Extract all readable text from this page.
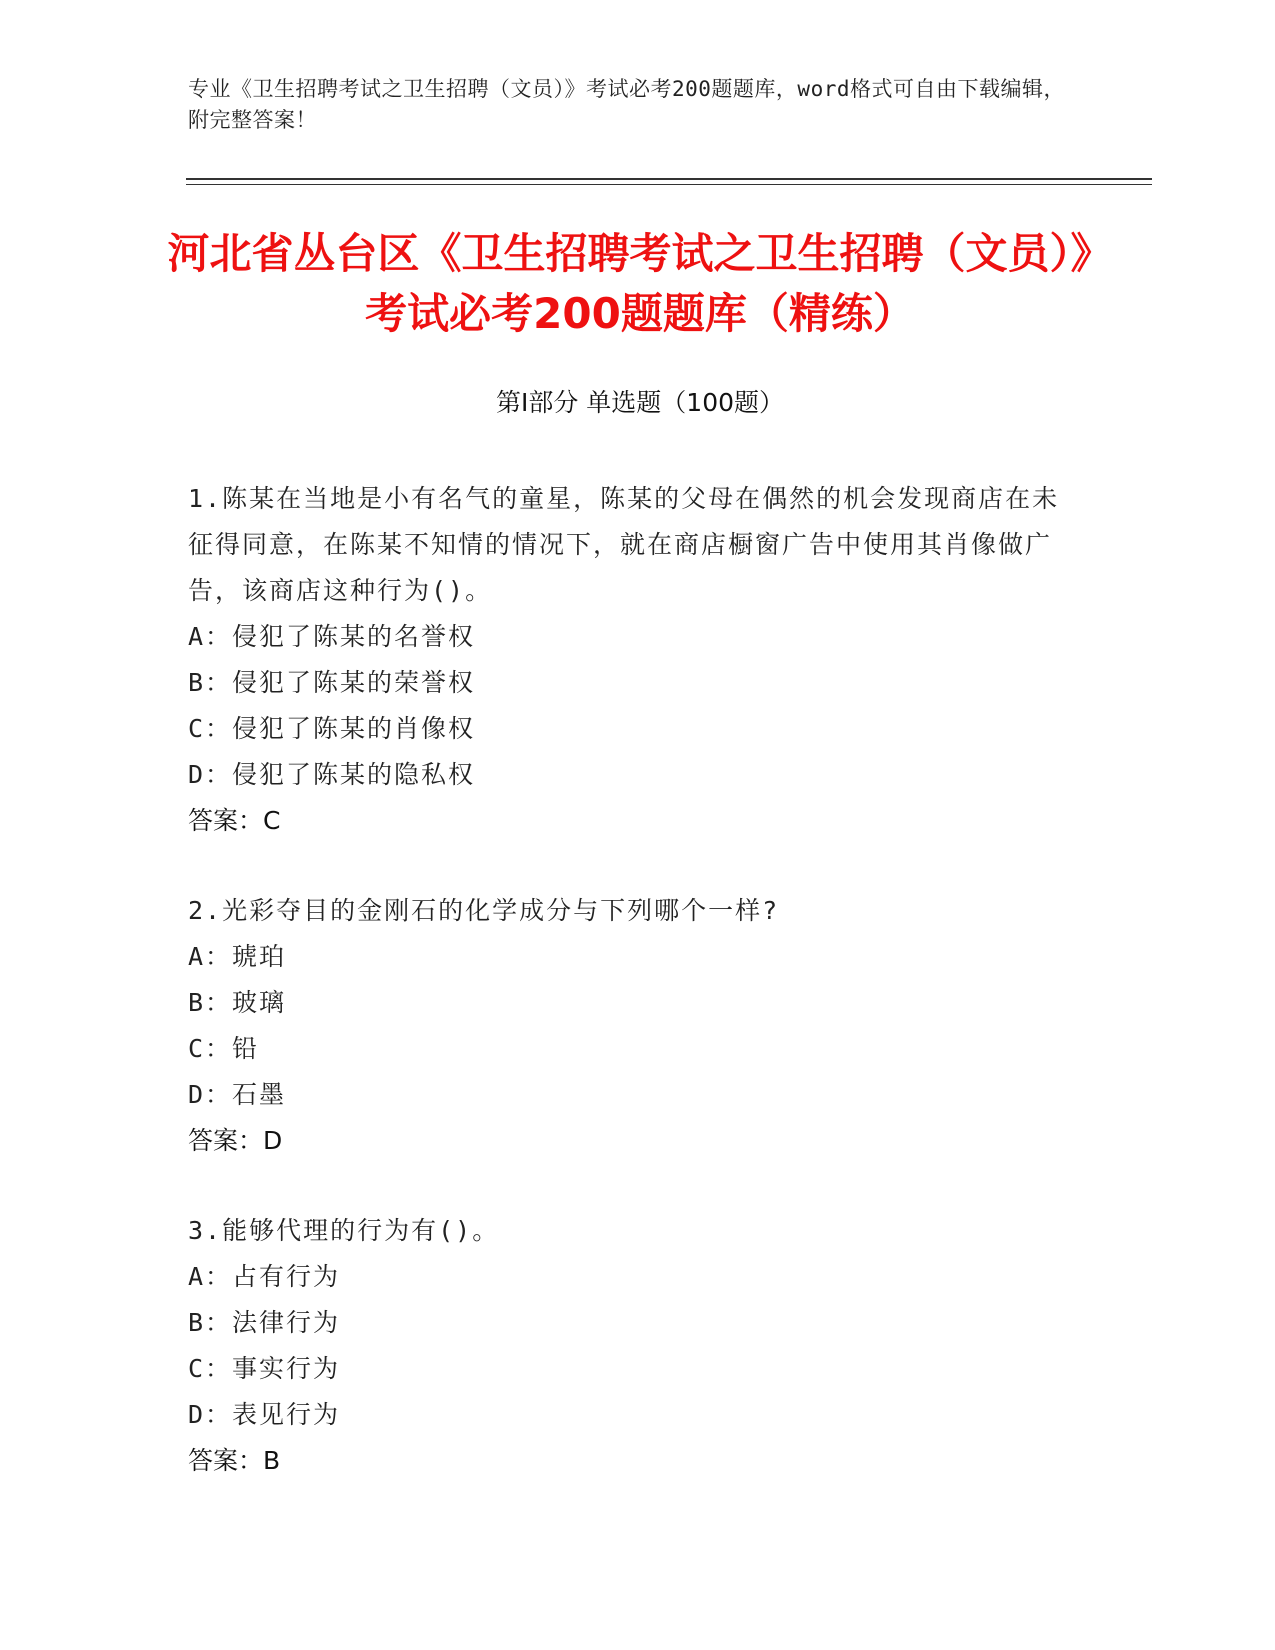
专业《卫生招聘考试之卫生招聘（文员）》考试必考200题题库，word格式可自由下载编辑，附完整答案！
河北省丛台区《卫生招聘考试之卫生招聘（文员）》考试必考200题题库（精练）
第Ⅰ部分 单选题（100题）
1.陈某在当地是小有名气的童星，陈某的父母在偶然的机会发现商店在未征得同意，在陈某不知情的情况下，就在商店橱窗广告中使用其肖像做广告，该商店这种行为()。
A：侵犯了陈某的名誉权
B：侵犯了陈某的荣誉权
C：侵犯了陈某的肖像权
D：侵犯了陈某的隐私权
答案：C
2.光彩夺目的金刚石的化学成分与下列哪个一样?
A：琥珀
B：玻璃
C：铅
D：石墨
答案：D
3.能够代理的行为有()。
A：占有行为
B：法律行为
C：事实行为
D：表见行为
答案：B
